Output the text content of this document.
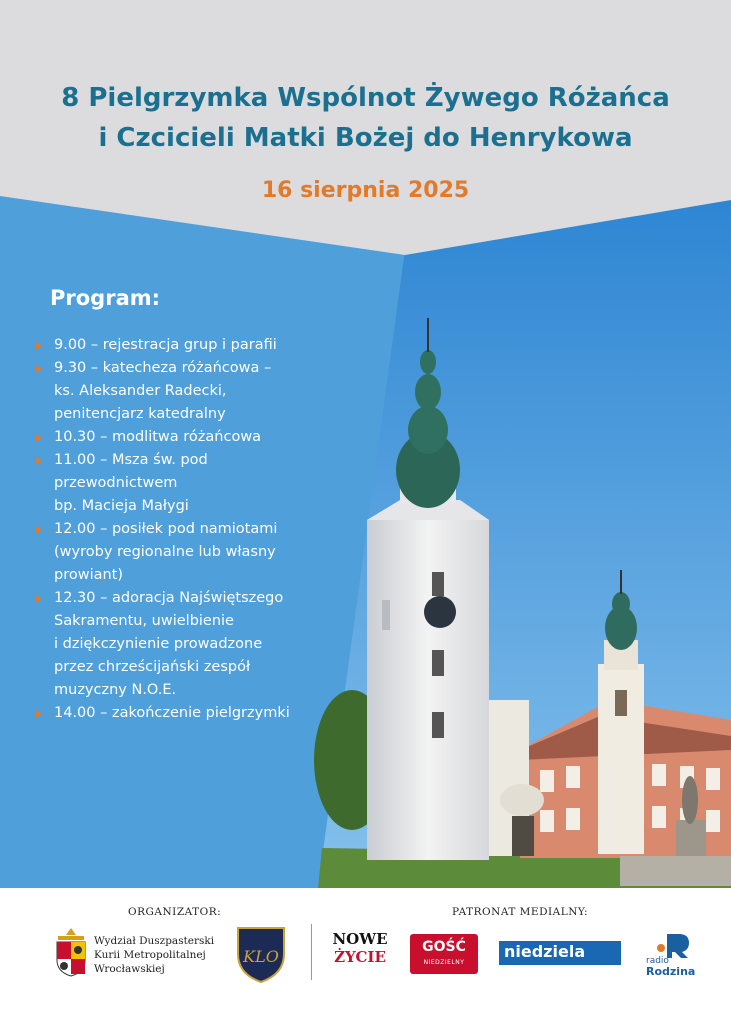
8 Pielgrzymka Wspólnot Żywego Różańca
i Czcicieli Matki Bożej do Henrykowa
16 sierpnia 2025
Program:
9.00 – rejestracja grup i parafii
9.30 – katecheza różańcowa –
ks. Aleksander Radecki,
penitencjarz katedralny
10.30 – modlitwa różańcowa
11.00 – Msza św. pod
przewodnictwem
bp. Macieja Małygi
12.00 – posiłek pod namiotami
(wyroby regionalne lub własny
prowiant)
12.30 – adoracja Najświętszego
Sakramentu, uwielbienie
i dziękczynienie prowadzone
przez chrześcijański zespół
muzyczny N.O.E.
14.00 – zakończenie pielgrzymki
ORGANIZATOR:	PATRONAT MEDIALNY:
Wydział Duszpasterski
Kurii Metropolitalnej
Wrocławskiej
KLO
NOWE
ŻYCIE
GOŚĆ
NIEDZIELNY
niedziela	radio
Rodzina
